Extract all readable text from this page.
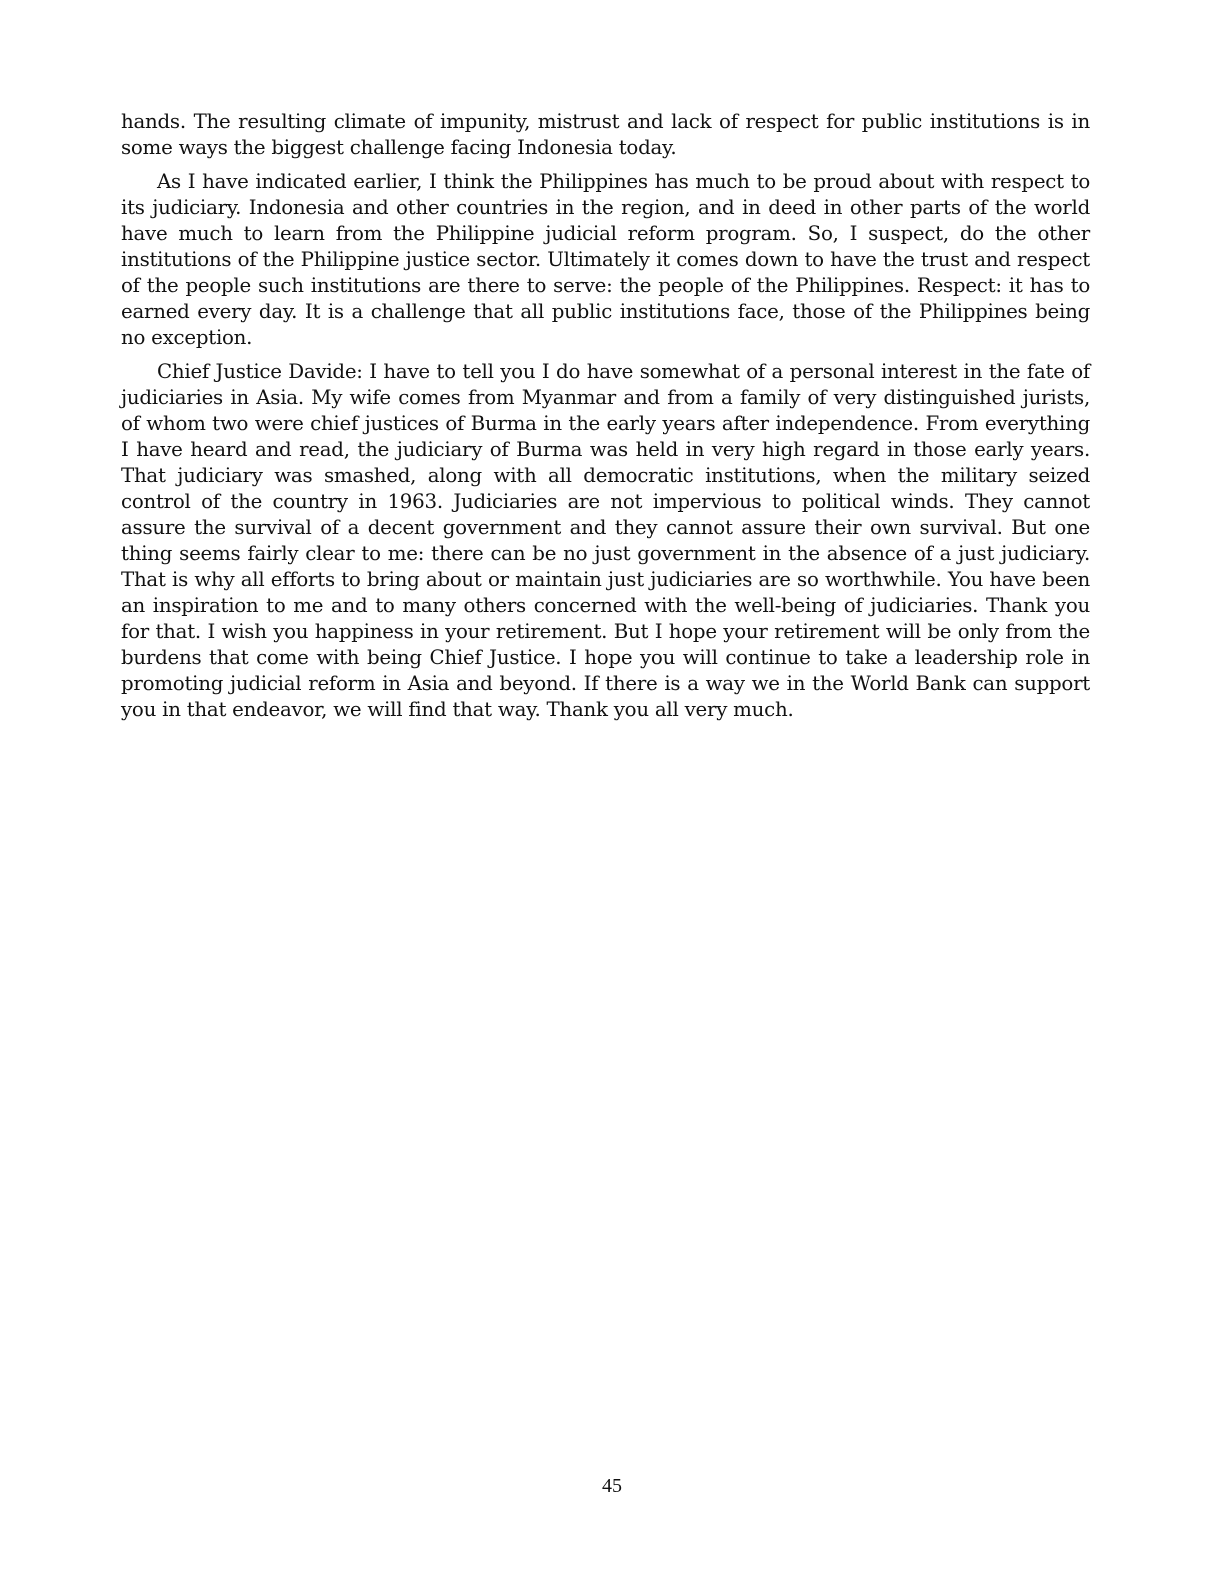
hands. The resulting climate of impunity, mistrust and lack of respect for public institutions is in some ways the biggest challenge facing Indonesia today.

As I have indicated earlier, I think the Philippines has much to be proud about with respect to its judiciary. Indonesia and other countries in the region, and in deed in other parts of the world have much to learn from the Philippine judicial reform program. So, I suspect, do the other institutions of the Philippine justice sector. Ultimately it comes down to have the trust and respect of the people such institutions are there to serve: the people of the Philippines. Respect: it has to earned every day. It is a challenge that all public institutions face, those of the Philippines being no exception.

Chief Justice Davide: I have to tell you I do have somewhat of a personal interest in the fate of judiciaries in Asia. My wife comes from Myanmar and from a family of very distinguished jurists, of whom two were chief justices of Burma in the early years after independence. From everything I have heard and read, the judiciary of Burma was held in very high regard in those early years. That judiciary was smashed, along with all democratic institutions, when the military seized control of the country in 1963. Judiciaries are not impervious to political winds. They cannot assure the survival of a decent government and they cannot assure their own survival. But one thing seems fairly clear to me: there can be no just government in the absence of a just judiciary. That is why all efforts to bring about or maintain just judiciaries are so worthwhile. You have been an inspiration to me and to many others concerned with the well-being of judiciaries. Thank you for that. I wish you happiness in your retirement. But I hope your retirement will be only from the burdens that come with being Chief Justice. I hope you will continue to take a leadership role in promoting judicial reform in Asia and beyond. If there is a way we in the World Bank can support you in that endeavor, we will find that way. Thank you all very much.

45
